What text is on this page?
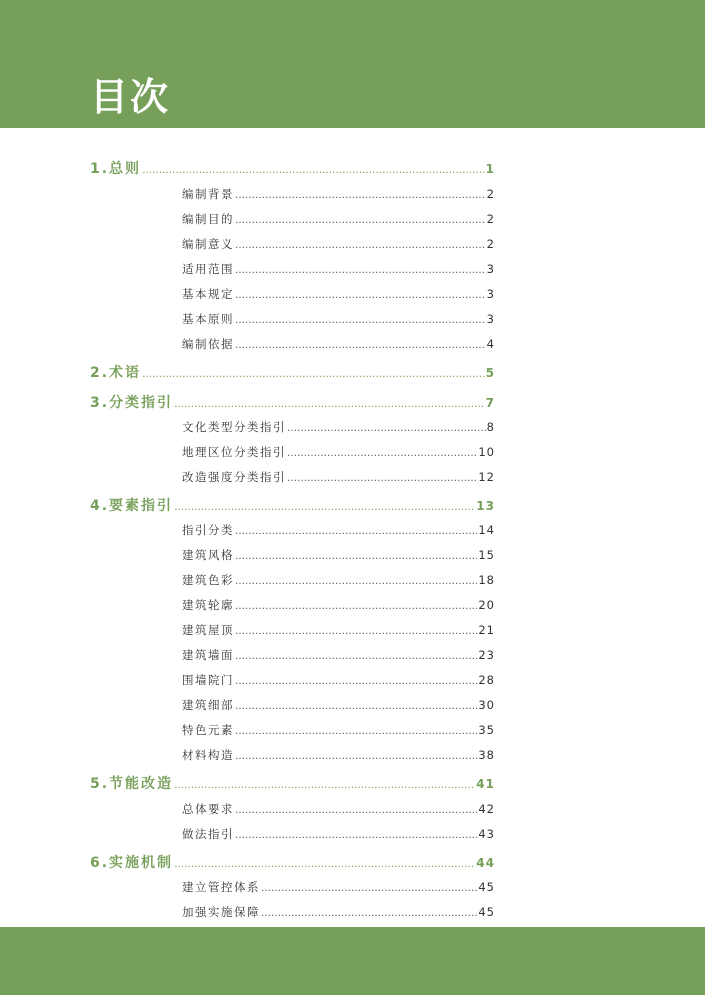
目次
1.总则 …………………………………………………………………………………………………………………………………………………………………………	1
编制背景 …………………………………………………………………………………………………………………………………………………………………………	2
编制目的 …………………………………………………………………………………………………………………………………………………………………………	2
编制意义 …………………………………………………………………………………………………………………………………………………………………………	2
适用范围 …………………………………………………………………………………………………………………………………………………………………………	3
基本规定 …………………………………………………………………………………………………………………………………………………………………………	3
基本原则 …………………………………………………………………………………………………………………………………………………………………………	3
编制依据 …………………………………………………………………………………………………………………………………………………………………………	4
2.术语 …………………………………………………………………………………………………………………………………………………………………………	5
3.分类指引 …………………………………………………………………………………………………………………………………………………………………………	7
文化类型分类指引 …………………………………………………………………………………………………………………………………………………………………………	8
地理区位分类指引 …………………………………………………………………………………………………………………………………………………………………………	10
改造强度分类指引 …………………………………………………………………………………………………………………………………………………………………………	12
4.要素指引 …………………………………………………………………………………………………………………………………………………………………………	13
指引分类 …………………………………………………………………………………………………………………………………………………………………………	14
建筑风格 …………………………………………………………………………………………………………………………………………………………………………	15
建筑色彩 …………………………………………………………………………………………………………………………………………………………………………	18
建筑轮廓 …………………………………………………………………………………………………………………………………………………………………………	20
建筑屋顶 …………………………………………………………………………………………………………………………………………………………………………	21
建筑墙面 …………………………………………………………………………………………………………………………………………………………………………	23
围墙院门 …………………………………………………………………………………………………………………………………………………………………………	28
建筑细部 …………………………………………………………………………………………………………………………………………………………………………	30
特色元素 …………………………………………………………………………………………………………………………………………………………………………	35
材料构造 …………………………………………………………………………………………………………………………………………………………………………	38
5.节能改造 …………………………………………………………………………………………………………………………………………………………………………	41
总体要求 …………………………………………………………………………………………………………………………………………………………………………	42
做法指引 …………………………………………………………………………………………………………………………………………………………………………	43
6.实施机制 …………………………………………………………………………………………………………………………………………………………………………	44
建立管控体系 …………………………………………………………………………………………………………………………………………………………………………	45
加强实施保障 …………………………………………………………………………………………………………………………………………………………………………	45
